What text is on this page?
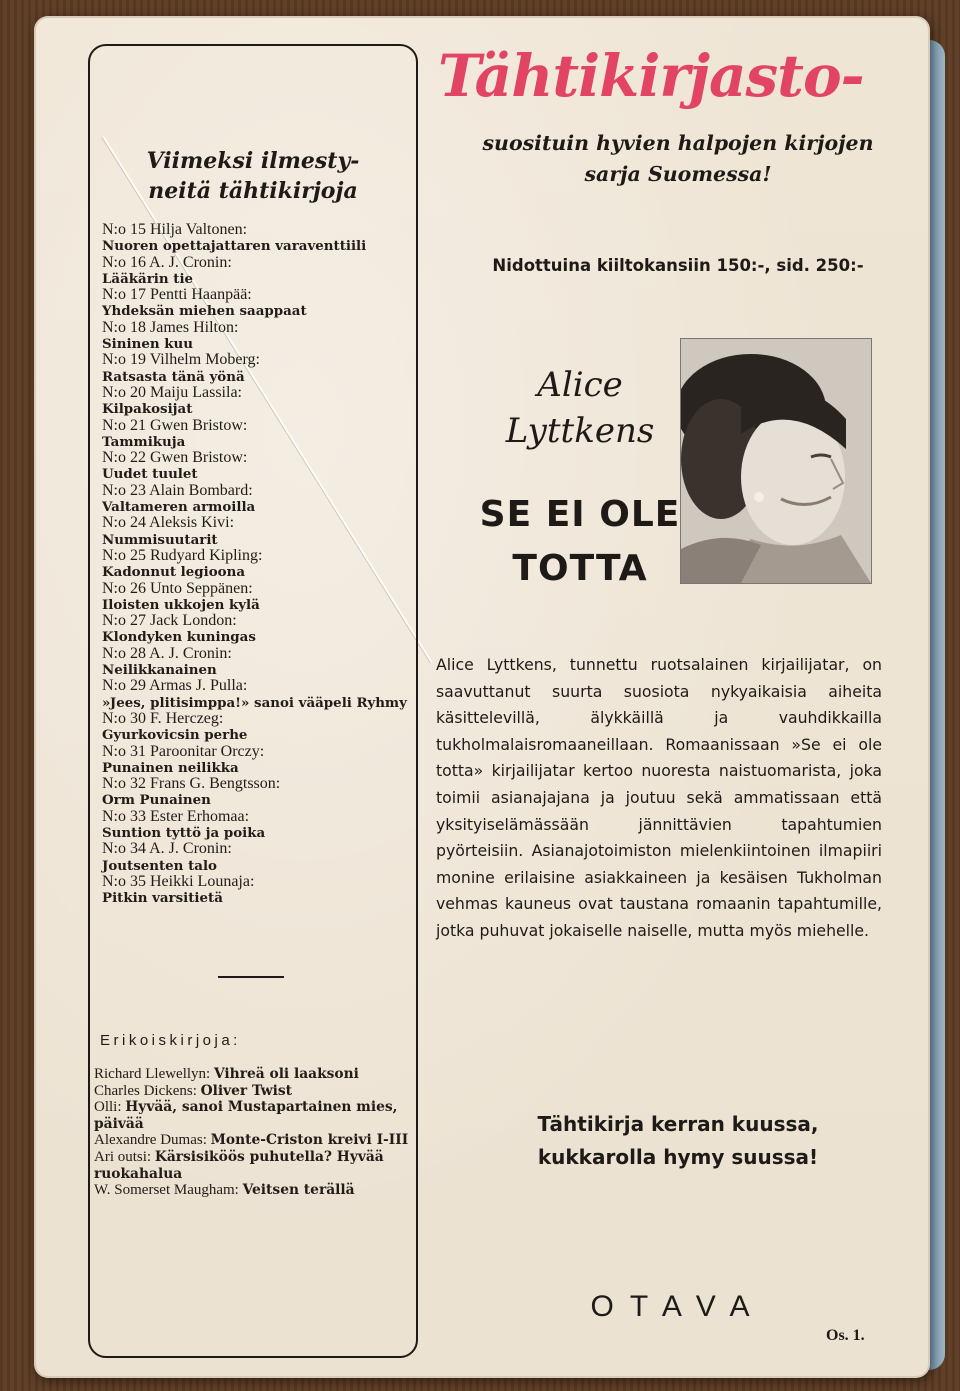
Viimeksi ilmesty-
neitä tähtikirjoja
N:o 15 Hilja Valtonen:
Nuoren opettajattaren varaventtiili
N:o 16 A. J. Cronin:
Lääkärin tie
N:o 17 Pentti Haanpää:
Yhdeksän miehen saappaat
N:o 18 James Hilton:
Sininen kuu
N:o 19 Vilhelm Moberg:
Ratsasta tänä yönä
N:o 20 Maiju Lassila:
Kilpakosijat
N:o 21 Gwen Bristow:
Tammikuja
N:o 22 Gwen Bristow:
Uudet tuulet
N:o 23 Alain Bombard:
Valtameren armoilla
N:o 24 Aleksis Kivi:
Nummisuutarit
N:o 25 Rudyard Kipling:
Kadonnut legioona
N:o 26 Unto Seppänen:
Iloisten ukkojen kylä
N:o 27 Jack London:
Klondyken kuningas
N:o 28 A. J. Cronin:
Neilikkanainen
N:o 29 Armas J. Pulla:
»Jees, plitisimppa!» sanoi vääpeli Ryhmy
N:o 30 F. Herczeg:
Gyurkovicsin perhe
N:o 31 Paroonitar Orczy:
Punainen neilikka
N:o 32 Frans G. Bengtsson:
Orm Punainen
N:o 33 Ester Erhomaa:
Suntion tyttö ja poika
N:o 34 A. J. Cronin:
Joutsenten talo
N:o 35 Heikki Lounaja:
Pitkin varsitietä
Erikoiskirjoja:
Richard Llewellyn: Vihreä oli laaksoni
Charles Dickens: Oliver Twist
Olli: Hyvää, sanoi Mustapartainen mies, päivää
Alexandre Dumas: Monte-Criston kreivi I-III
Ari outsi: Kärsisiköös puhutella? Hyvää ruokahalua
W. Somerset Maugham: Veitsen terällä
Tähtikirjasto-
suosituin hyvien halpojen kirjojen
sarja Suomessa!
Nidottuina kiiltokansiin 150:-, sid. 250:-
Alice
Lyttkens
SE EI OLE
TOTTA
Alice Lyttkens, tunnettu ruotsalainen kirjailijatar, on saavuttanut suurta suosiota nykyaikaisia aiheita käsittelevillä, älykkäillä ja vauhdikkailla tukholmalaisromaaneillaan. Romaanissaan »Se ei ole totta» kirjailijatar kertoo nuoresta naistuomarista, joka toimii asianajajana ja joutuu sekä ammatissaan että yksityiselämässään jännittävien tapahtumien pyörteisiin. Asianajotoimiston mielenkiintoinen ilmapiiri monine erilaisine asiakkaineen ja kesäisen Tukholman vehmas kauneus ovat taustana romaanin tapahtumille, jotka puhuvat jokaiselle naiselle, mutta myös miehelle.
Tähtikirja kerran kuussa,
kukkarolla hymy suussa!
OTAVA
Os. 1.
